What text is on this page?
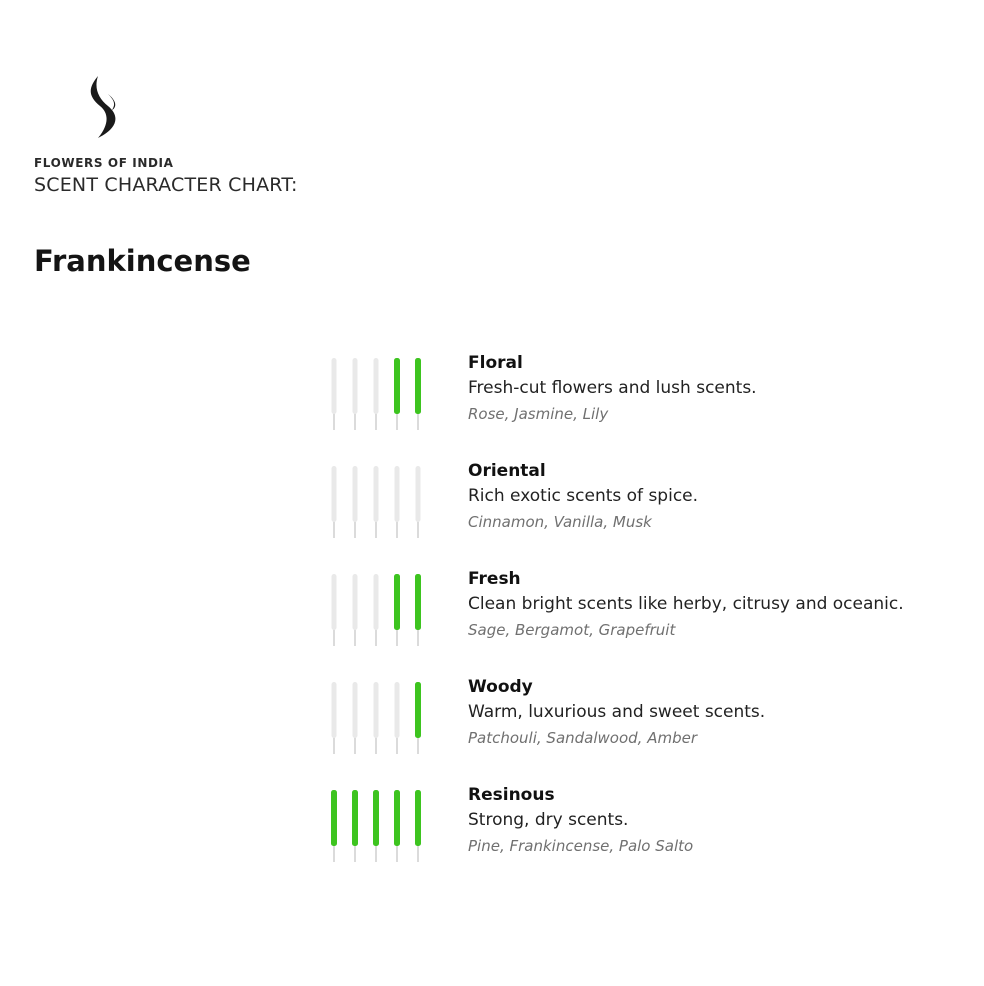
FLOWERS OF INDIA
SCENT CHARACTER CHART:
Frankincense
Floral
Fresh-cut flowers and lush scents.
Rose, Jasmine, Lily
Oriental
Rich exotic scents of spice.
Cinnamon, Vanilla, Musk
Fresh
Clean bright scents like herby, citrusy and oceanic.
Sage, Bergamot, Grapefruit
Woody
Warm, luxurious and sweet scents.
Patchouli, Sandalwood, Amber
Resinous
Strong, dry scents.
Pine, Frankincense, Palo Salto
